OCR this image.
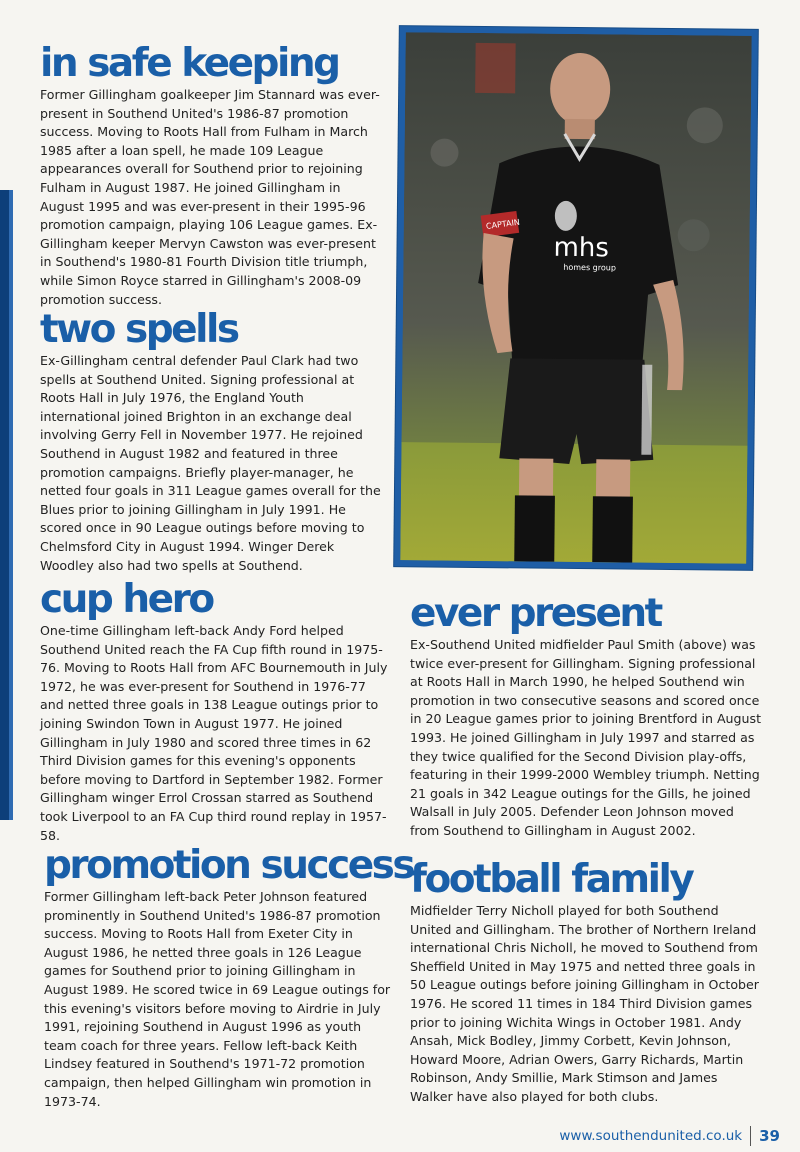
in safe keeping

Former Gillingham goalkeeper Jim Stannard was ever-present in Southend United's 1986-87 promotion success. Moving to Roots Hall from Fulham in March 1985 after a loan spell, he made 109 League appearances overall for Southend prior to rejoining Fulham in August 1987. He joined Gillingham in August 1995 and was ever-present in their 1995-96 promotion campaign, playing 106 League games. Ex-Gillingham keeper Mervyn Cawston was ever-present in Southend's 1980-81 Fourth Division title triumph, while Simon Royce starred in Gillingham's 2008-09 promotion success.

two spells

Ex-Gillingham central defender Paul Clark had two spells at Southend United. Signing professional at Roots Hall in July 1976, the England Youth international joined Brighton in an exchange deal involving Gerry Fell in November 1977. He rejoined Southend in August 1982 and featured in three promotion campaigns. Briefly player-manager, he netted four goals in 311 League games overall for the Blues prior to joining Gillingham in July 1991. He scored once in 90 League outings before moving to Chelmsford City in August 1994. Winger Derek Woodley also had two spells at Southend.

cup hero

One-time Gillingham left-back Andy Ford helped Southend United reach the FA Cup fifth round in 1975-76. Moving to Roots Hall from AFC Bournemouth in July 1972, he was ever-present for Southend in 1976-77 and netted three goals in 138 League outings prior to joining Swindon Town in August 1977. He joined Gillingham in July 1980 and scored three times in 62 Third Division games for this evening's opponents before moving to Dartford in September 1982. Former Gillingham winger Errol Crossan starred as Southend took Liverpool to an FA Cup third round replay in 1957-58.

promotion success

Former Gillingham left-back Peter Johnson featured prominently in Southend United's 1986-87 promotion success. Moving to Roots Hall from Exeter City in August 1986, he netted three goals in 126 League games for Southend prior to joining Gillingham in August 1989. He scored twice in 69 League outings for this evening's visitors before moving to Airdrie in July 1991, rejoining Southend in August 1996 as youth team coach for three years. Fellow left-back Keith Lindsey featured in Southend's 1971-72 promotion campaign, then helped Gillingham win promotion in 1973-74.

CAPTAIN
mhs
homes group
ever present

Ex-Southend United midfielder Paul Smith (above) was twice ever-present for Gillingham. Signing professional at Roots Hall in March 1990, he helped Southend win promotion in two consecutive seasons and scored once in 20 League games prior to joining Brentford in August 1993. He joined Gillingham in July 1997 and starred as they twice qualified for the Second Division play-offs, featuring in their 1999-2000 Wembley triumph. Netting 21 goals in 342 League outings for the Gills, he joined Walsall in July 2005. Defender Leon Johnson moved from Southend to Gillingham in August 2002.

football family

Midfielder Terry Nicholl played for both Southend United and Gillingham. The brother of Northern Ireland international Chris Nicholl, he moved to Southend from Sheffield United in May 1975 and netted three goals in 50 League outings before joining Gillingham in October 1976. He scored 11 times in 184 Third Division games prior to joining Wichita Wings in October 1981. Andy Ansah, Mick Bodley, Jimmy Corbett, Kevin Johnson, Howard Moore, Adrian Owers, Garry Richards, Martin Robinson, Andy Smillie, Mark Stimson and James Walker have also played for both clubs.

www.southendunited.co.uk 39
